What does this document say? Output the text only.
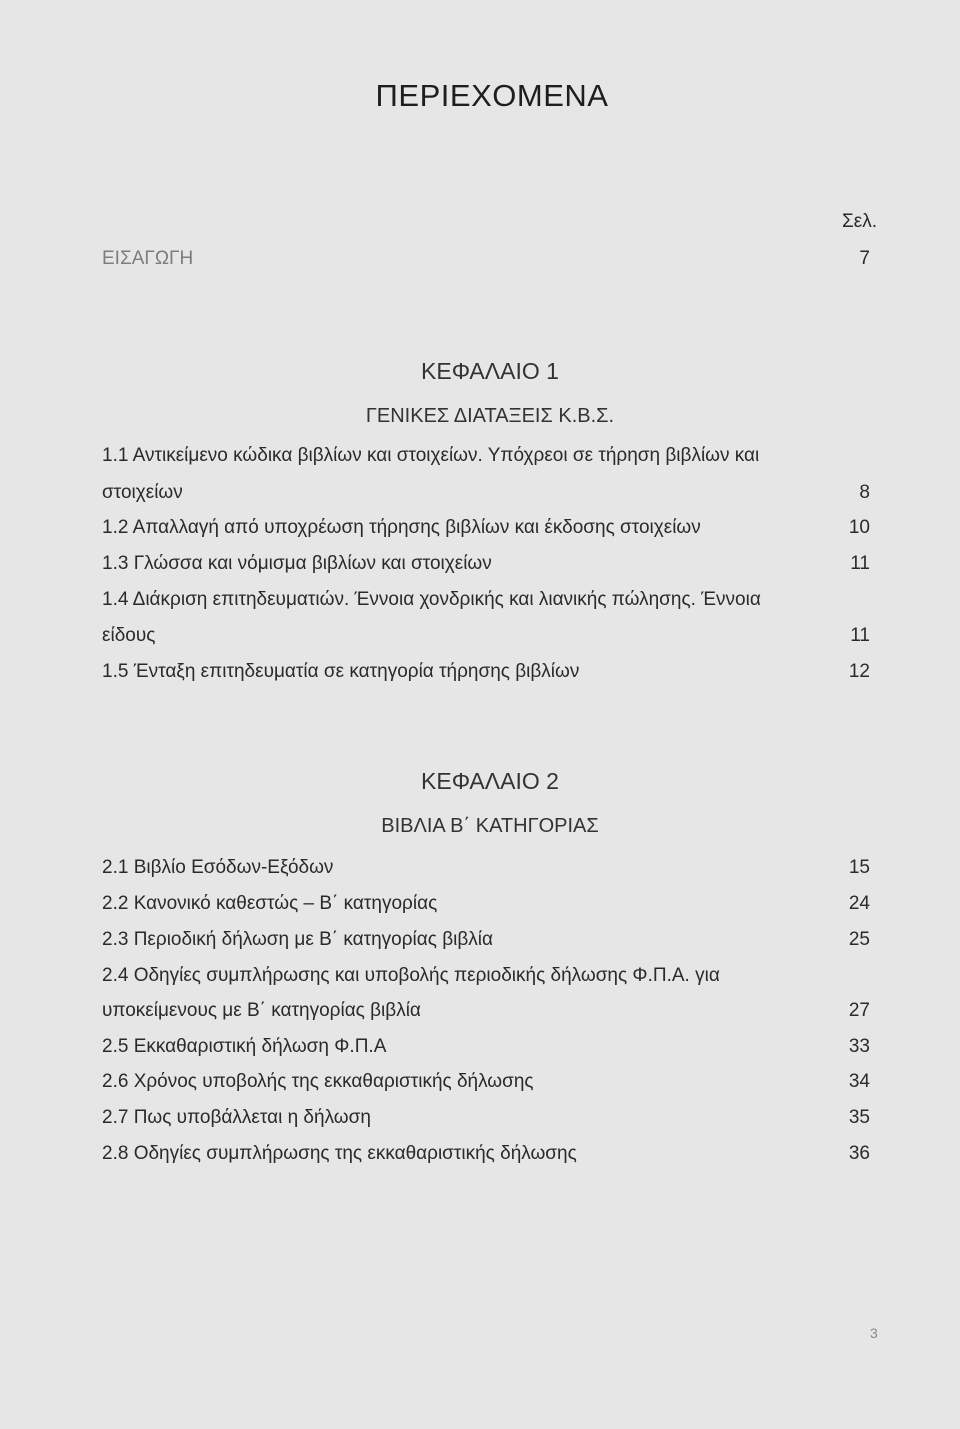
ΠΕΡΙΕΧΟΜΕΝΑ
Σελ.
ΕΙΣΑΓΩΓΗ	7
ΚΕΦΑΛΑΙΟ 1
ΓΕΝΙΚΕΣ ΔΙΑΤΑΞΕΙΣ Κ.Β.Σ.
1.1 Αντικείμενο κώδικα βιβλίων και στοιχείων. Υπόχρεοι σε τήρηση βιβλίων και
στοιχείων	8
1.2 Απαλλαγή από υποχρέωση τήρησης βιβλίων και έκδοσης στοιχείων	10
1.3 Γλώσσα και νόμισμα βιβλίων και στοιχείων	11
1.4 Διάκριση επιτηδευματιών. Έννοια χονδρικής και λιανικής πώλησης. Έννοια
είδους	11
1.5 Ένταξη επιτηδευματία σε κατηγορία τήρησης βιβλίων	12
ΚΕΦΑΛΑΙΟ 2
ΒΙΒΛΙΑ Β΄ ΚΑΤΗΓΟΡΙΑΣ
2.1 Βιβλίο Εσόδων-Εξόδων	15
2.2 Κανονικό καθεστώς – Β΄ κατηγορίας	24
2.3 Περιοδική δήλωση με Β΄ κατηγορίας βιβλία	25
2.4 Οδηγίες συμπλήρωσης και υποβολής περιοδικής δήλωσης Φ.Π.Α. για
υποκείμενους με Β΄ κατηγορίας βιβλία	27
2.5 Εκκαθαριστική δήλωση Φ.Π.Α	33
2.6 Χρόνος υποβολής της εκκαθαριστικής δήλωσης	34
2.7 Πως υποβάλλεται η δήλωση	35
2.8 Οδηγίες συμπλήρωσης της εκκαθαριστικής δήλωσης	36
3
